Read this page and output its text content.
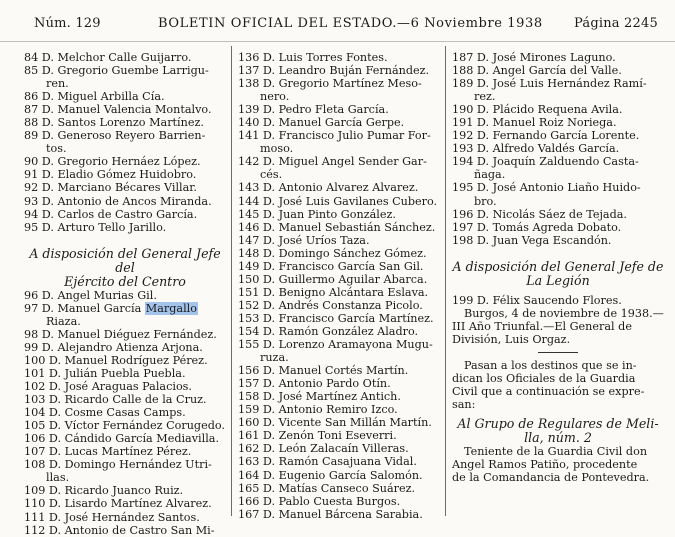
Núm. 129	BOLETIN OFICIAL DEL ESTADO.—6 Noviembre 1938 Página 2245
84 D. Melchor Calle Guijarro.
85 D. Gregorio Guembe Larrigu-
ren.
86 D. Miguel Arbilla Cía.
87 D. Manuel Valencia Montalvo.
88 D. Santos Lorenzo Martínez.
89 D. Generoso Reyero Barrien-
tos.
90 D. Gregorio Hernáez López.
91 D. Eladio Gómez Huidobro.
92 D. Marciano Bécares Villar.
93 D. Antonio de Ancos Miranda.
94 D. Carlos de Castro García.
95 D. Arturo Tello Jarillo.
A disposición del General Jefe del
Ejército del Centro
96 D. Angel Murias Gil.
97 D. Manuel García Margallo
Riaza.
98 D. Manuel Diéguez Fernández.
99 D. Alejandro Atienza Arjona.
100 D. Manuel Rodríguez Pérez.
101 D. Julián Puebla Puebla.
102 D. José Araguas Palacios.
103 D. Ricardo Calle de la Cruz.
104 D. Cosme Casas Camps.
105 D. Víctor Fernández Corugedo.
106 D. Cándido García Mediavilla.
107 D. Lucas Martínez Pérez.
108 D. Domingo Hernández Utri-
llas.
109 D. Ricardo Juanco Ruiz.
110 D. Lisardo Martínez Alvarez.
111 D. José Hernández Santos.
112 D. Antonio de Castro San Mi-
136 D. Luis Torres Fontes.
137 D. Leandro Buján Fernández.
138 D. Gregorio Martínez Meso-
nero.
139 D. Pedro Fleta García.
140 D. Manuel García Gerpe.
141 D. Francisco Julio Pumar For-
moso.
142 D. Miguel Angel Sender Gar-
cés.
143 D. Antonio Alvarez Alvarez.
144 D. José Luis Gavilanes Cubero.
145 D. Juan Pinto González.
146 D. Manuel Sebastián Sánchez.
147 D. José Uríos Taza.
148 D. Domingo Sánchez Gómez.
149 D. Francisco García San Gil.
150 D. Guillermo Aguilar Abarca.
151 D. Benigno Alcántara Eslava.
152 D. Andrés Constanza Picolo.
153 D. Francisco García Martínez.
154 D. Ramón González Aladro.
155 D. Lorenzo Aramayona Mugu-
ruza.
156 D. Manuel Cortés Martín.
157 D. Antonio Pardo Otín.
158 D. José Martínez Antich.
159 D. Antonio Remiro Izco.
160 D. Vicente San Millán Martín.
161 D. Zenón Toni Eseverri.
162 D. León Zalacaín Villeras.
163 D. Ramón Casajuana Vidal.
164 D. Eugenio García Salomón.
165 D. Matías Canseco Suárez.
166 D. Pablo Cuesta Burgos.
167 D. Manuel Bárcena Sarabia.
187 D. José Mirones Laguno.
188 D. Angel García del Valle.
189 D. José Luis Hernández Ramí-
rez.
190 D. Plácido Requena Avila.
191 D. Manuel Roiz Noriega.
192 D. Fernando García Lorente.
193 D. Alfredo Valdés García.
194 D. Joaquín Zalduendo Casta-
ñaga.
195 D. José Antonio Liaño Huido-
bro.
196 D. Nicolás Sáez de Tejada.
197 D. Tomás Agreda Dobato.
198 D. Juan Vega Escandón.
A disposición del General Jefe de
La Legión
199 D. Félix Saucendo Flores.
Burgos, 4 de noviembre de 1938.—
III Año Triunfal.—El General de
División, Luis Orgaz.
Pasan a los destinos que se in-
dican los Oficiales de la Guardia
Civil que a continuación se expre-
san:
Al Grupo de Regulares de Meli-
lla, núm. 2
Teniente de la Guardia Civil don
Angel Ramos Patiño, procedente
de la Comandancia de Pontevedra.
